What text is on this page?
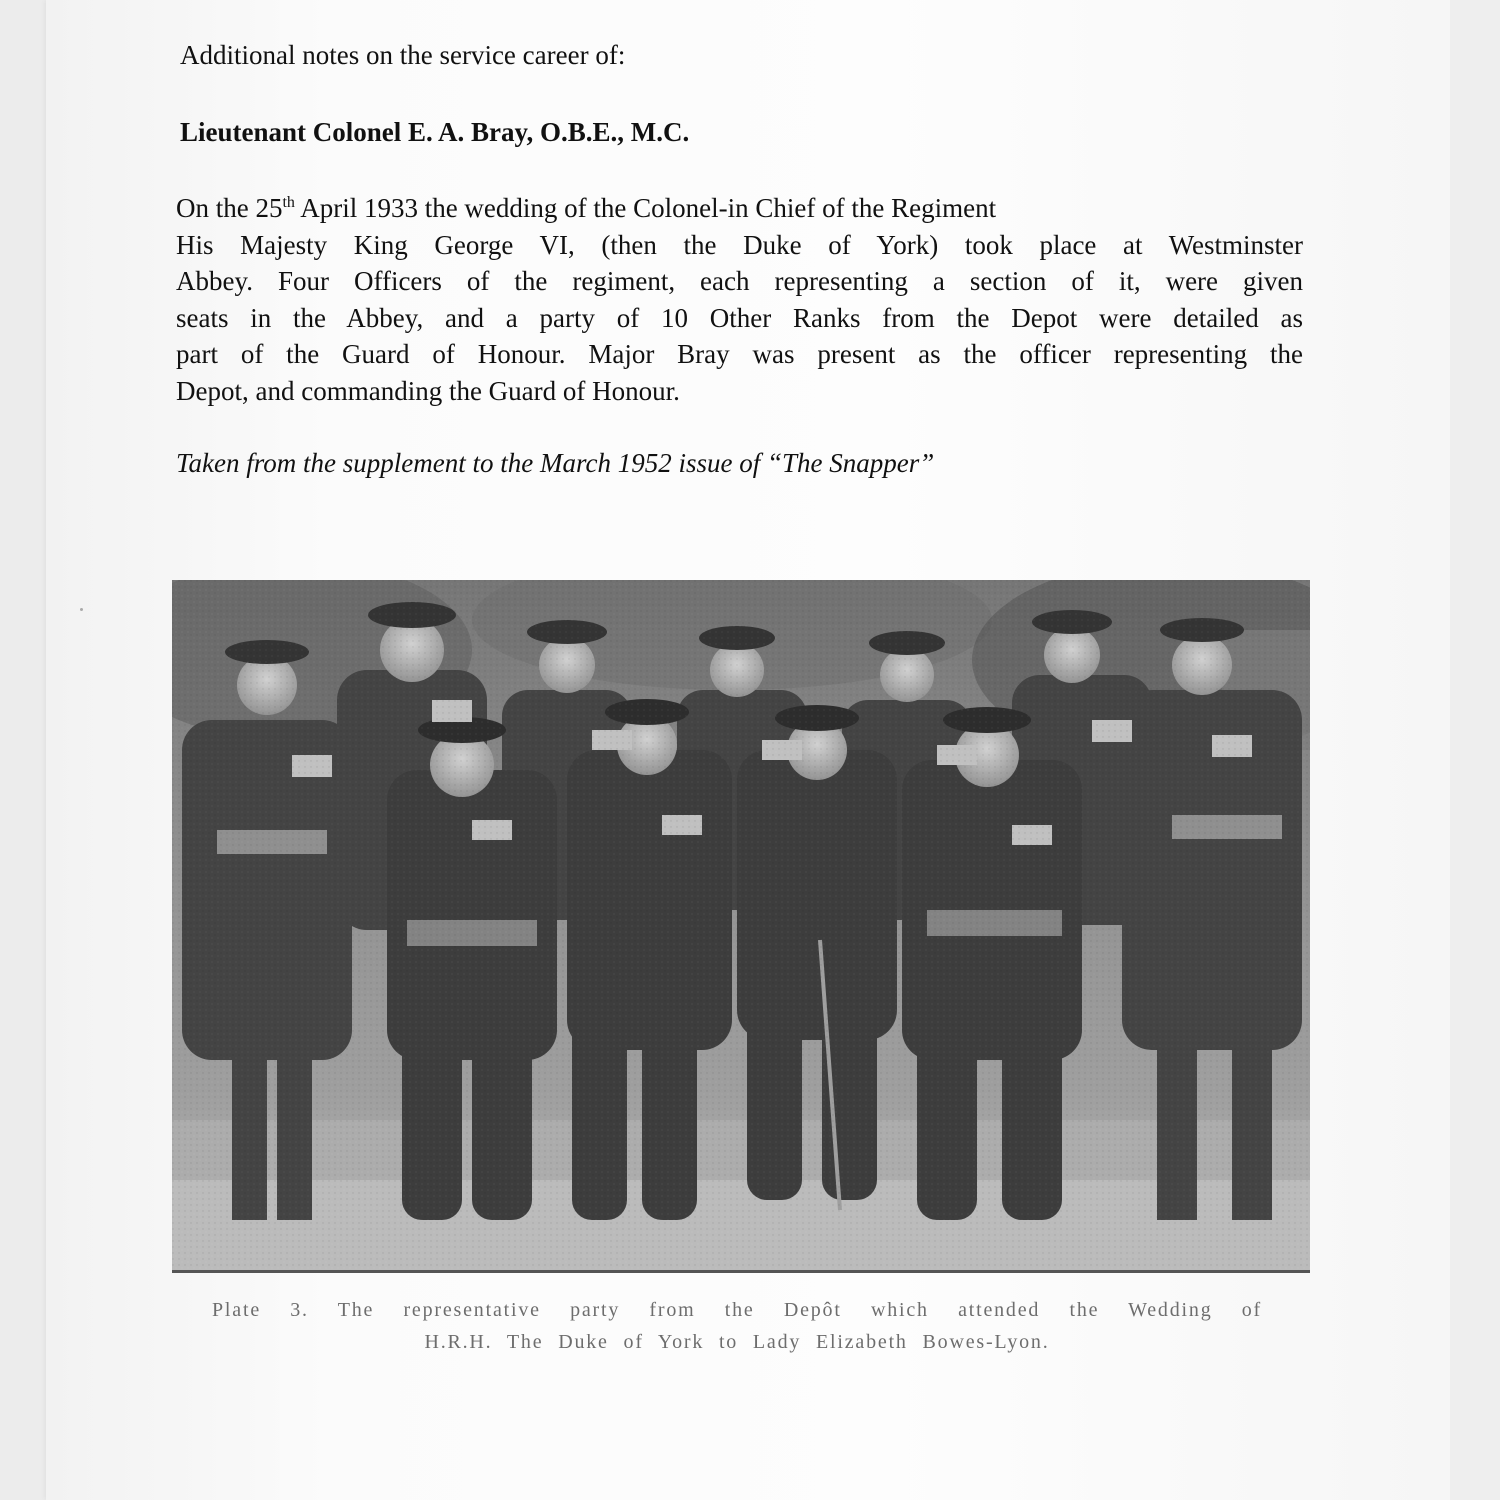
Additional notes on the service career of:

Lieutenant Colonel E. A. Bray, O.B.E., M.C.

On the 25th April 1933 the wedding of the Colonel-in Chief of the Regiment
His Majesty King George VI, (then the Duke of York) took place at Westminster
Abbey. Four Officers of the regiment, each representing a section of it, were given
seats in the Abbey, and a party of 10 Other Ranks from the Depot were detailed as
part of the Guard of Honour. Major Bray was present as the officer representing the
Depot, and commanding the Guard of Honour.

Taken from the supplement to the March 1952 issue of “The Snapper”

Plate 3. The representative party from the Depôt which attended the Wedding of
H.R.H. The Duke of York to Lady Elizabeth Bowes-Lyon.
